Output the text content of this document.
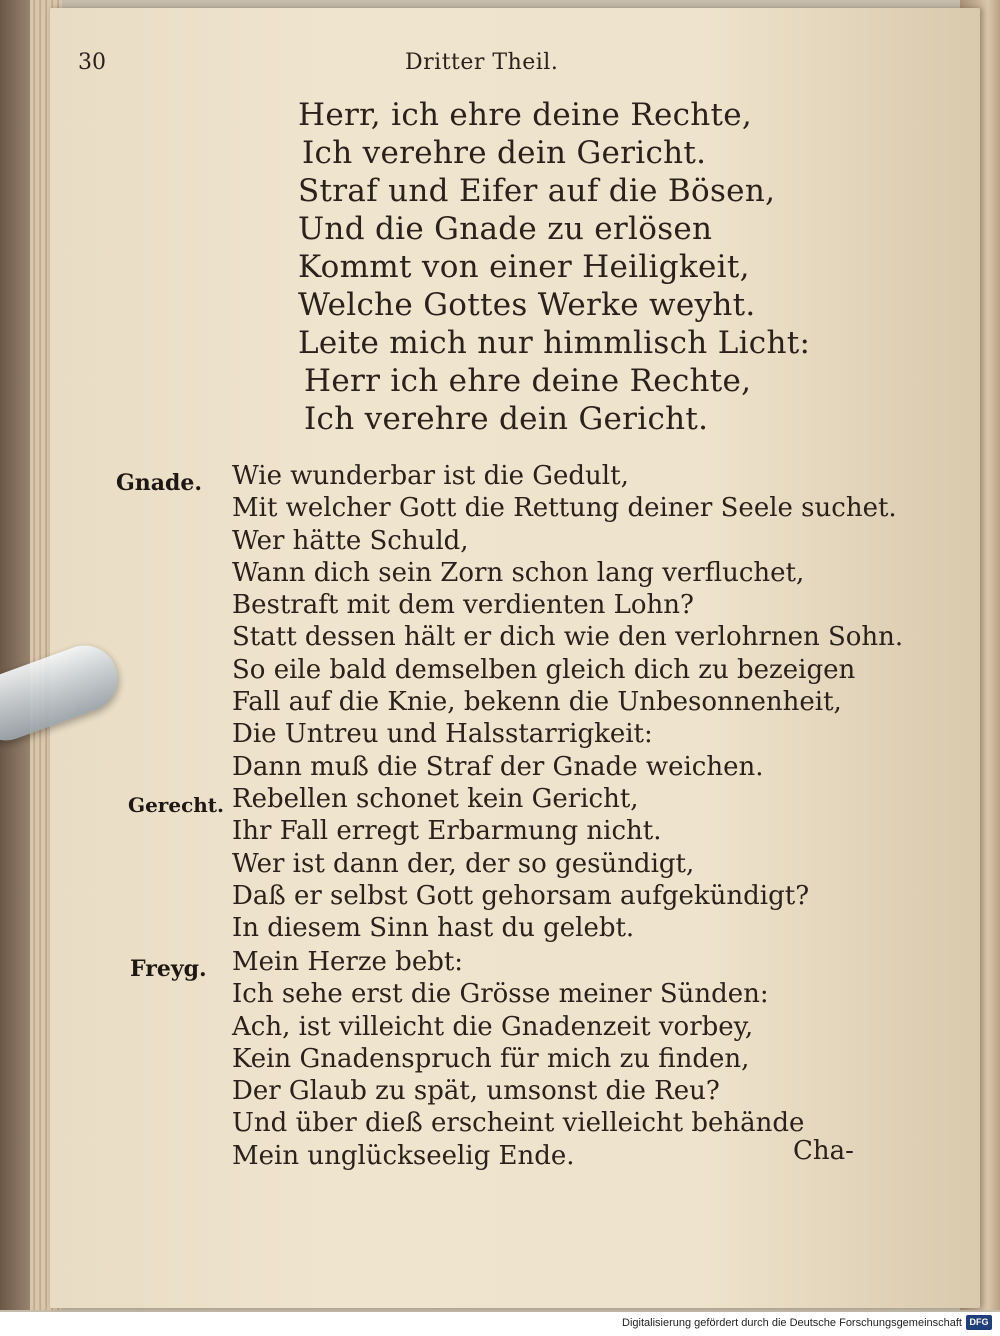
30	Dritter Theil.
Herr, ich ehre deine Rechte,
Ich verehre dein Gericht.
Straf und Eifer auf die Bösen,
Und die Gnade zu erlösen
Kommt von einer Heiligkeit,
Welche Gottes Werke weyht.
Leite mich nur himmlisch Licht:
Herr ich ehre deine Rechte,
Ich verehre dein Gericht.
Gnade. Wie wunderbar ist die Gedult,
Mit welcher Gott die Rettung deiner Seele suchet.
Wer hätte Schuld,
Wann dich sein Zorn schon lang verfluchet,
Bestraft mit dem verdienten Lohn?
Statt dessen hält er dich wie den verlohrnen Sohn.
So eile bald demselben gleich dich zu bezeigen
Fall auf die Knie, bekenn die Unbesonnenheit,
Die Untreu und Halsstarrigkeit:
Dann muß die Straf der Gnade weichen.
Gerecht. Rebellen schonet kein Gericht,
Ihr Fall erregt Erbarmung nicht.
Wer ist dann der, der so gesündigt,
Daß er selbst Gott gehorsam aufgekündigt?
In diesem Sinn hast du gelebt.
Freyg. Mein Herze bebt:
Ich sehe erst die Grösse meiner Sünden:
Ach, ist villeicht die Gnadenzeit vorbey,
Kein Gnadenspruch für mich zu finden,
Der Glaub zu spät, umsonst die Reu?
Und über dieß erscheint vielleicht behände
Mein unglückseelig Ende.	Cha-
Digitalisierung gefördert durch die Deutsche Forschungsgemeinschaft DFG
